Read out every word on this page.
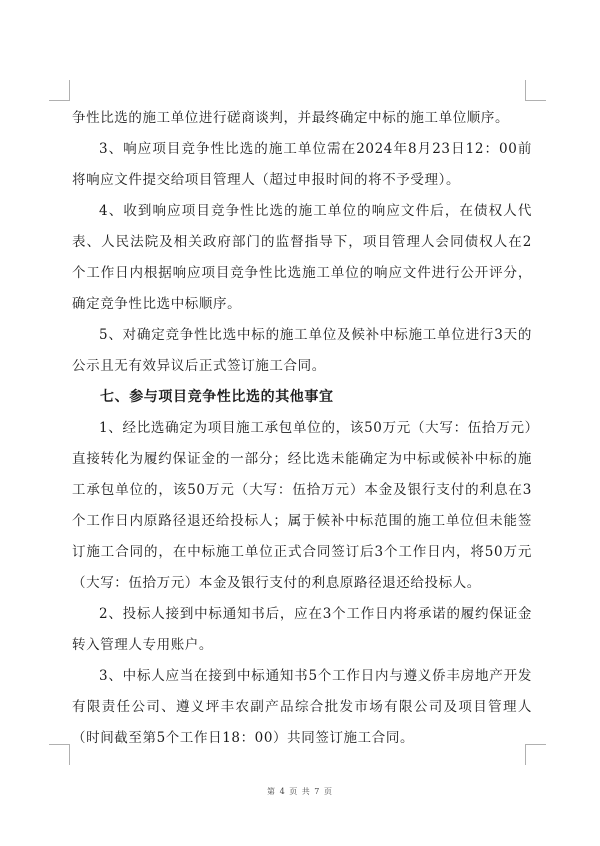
争性比选的施工单位进行磋商谈判，并最终确定中标的施工单位顺序。

3、响应项目竞争性比选的施工单位需在2024年8月23日12：00前将响应文件提交给项目管理人（超过申报时间的将不予受理）。

4、收到响应项目竞争性比选的施工单位的响应文件后，在债权人代表、人民法院及相关政府部门的监督指导下，项目管理人会同债权人在2个工作日内根据响应项目竞争性比选施工单位的响应文件进行公开评分，确定竞争性比选中标顺序。

5、对确定竞争性比选中标的施工单位及候补中标施工单位进行3天的公示且无有效异议后正式签订施工合同。

七、参与项目竞争性比选的其他事宜

1、经比选确定为项目施工承包单位的，该50万元（大写：伍拾万元）直接转化为履约保证金的一部分；经比选未能确定为中标或候补中标的施工承包单位的，该50万元（大写：伍拾万元）本金及银行支付的利息在3个工作日内原路径退还给投标人；属于候补中标范围的施工单位但未能签订施工合同的，在中标施工单位正式合同签订后3个工作日内，将50万元（大写：伍拾万元）本金及银行支付的利息原路径退还给投标人。

2、投标人接到中标通知书后，应在3个工作日内将承诺的履约保证金转入管理人专用账户。

3、中标人应当在接到中标通知书5个工作日内与遵义侨丰房地产开发有限责任公司、遵义坪丰农副产品综合批发市场有限公司及项目管理人（时间截至第5个工作日18：00）共同签订施工合同。

第 4 页 共 7 页
